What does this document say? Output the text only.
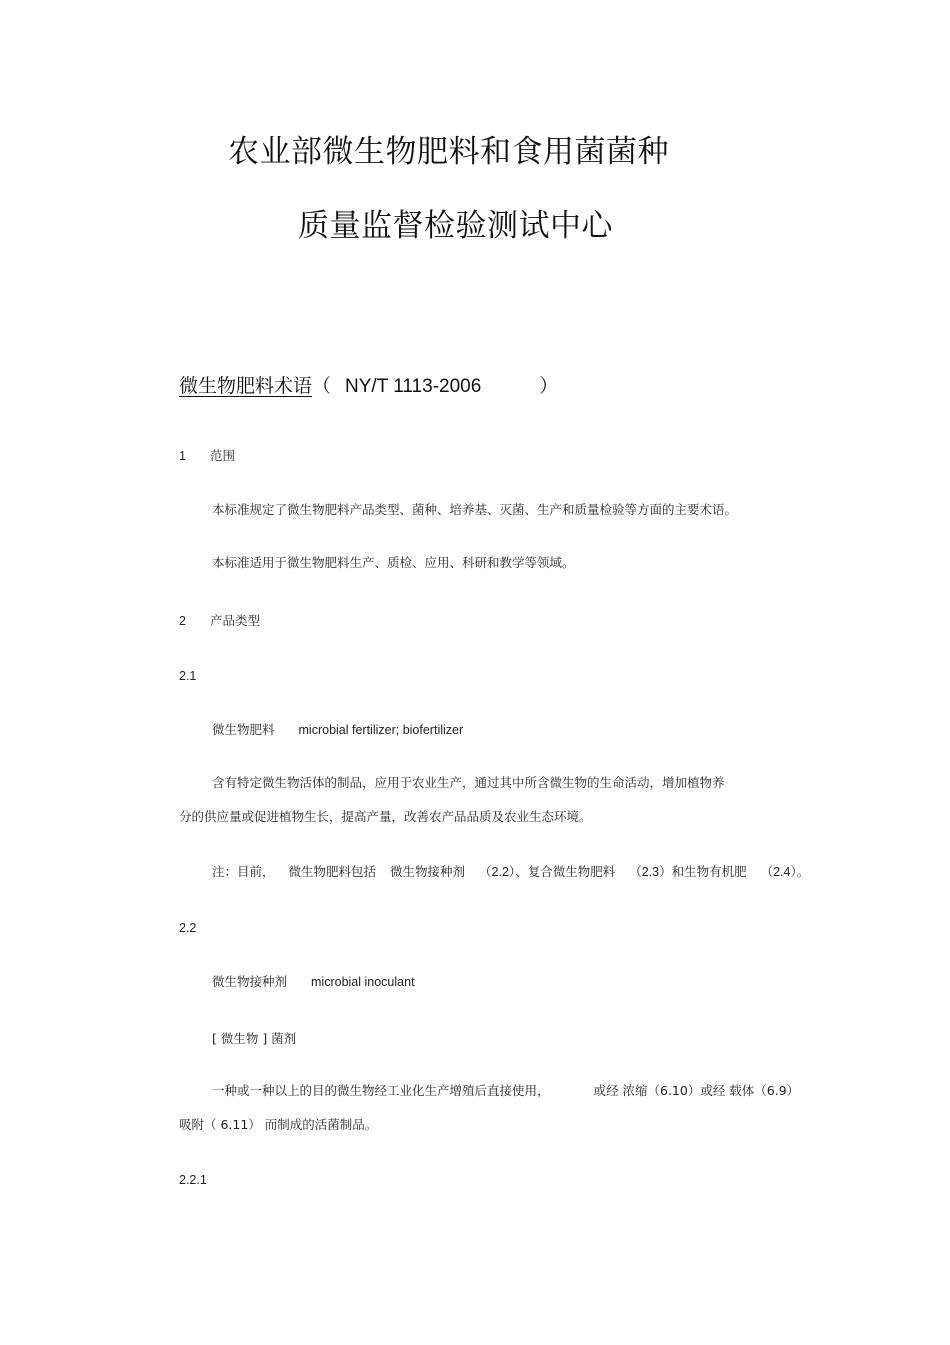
农业部微生物肥料和食用菌菌种
质量监督检验测试中心
微生物肥料术语（ NY/T 1113-2006	）
1 范围
本标准规定了微生物肥料产品类型、菌种、培养基、灭菌、生产和质量检验等方面的主要术语。
本标准适用于微生物肥料生产、质检、应用、科研和教学等领域。
2 产品类型
2.1
微生物肥料 microbial fertilizer; biofertilizer
含有特定微生物活体的制品，应用于农业生产，通过其中所含微生物的生命活动，增加植物养
分的供应量或促进植物生长，提高产量，改善农产品品质及农业生态环境。
注：目前， 微生物肥料包括 微生物接种剂 （2.2）、复合微生物肥料 （2.3）和生物有机肥 （2.4）。
2.2
微生物接种剂 microbial inoculant
[ 微生物 ] 菌剂
一种或一种以上的目的微生物经工业化生产增殖后直接使用，	或经 浓缩（6.10）或经 载体（6.9）
吸附（ 6.11） 而制成的活菌制品。
2.2.1
